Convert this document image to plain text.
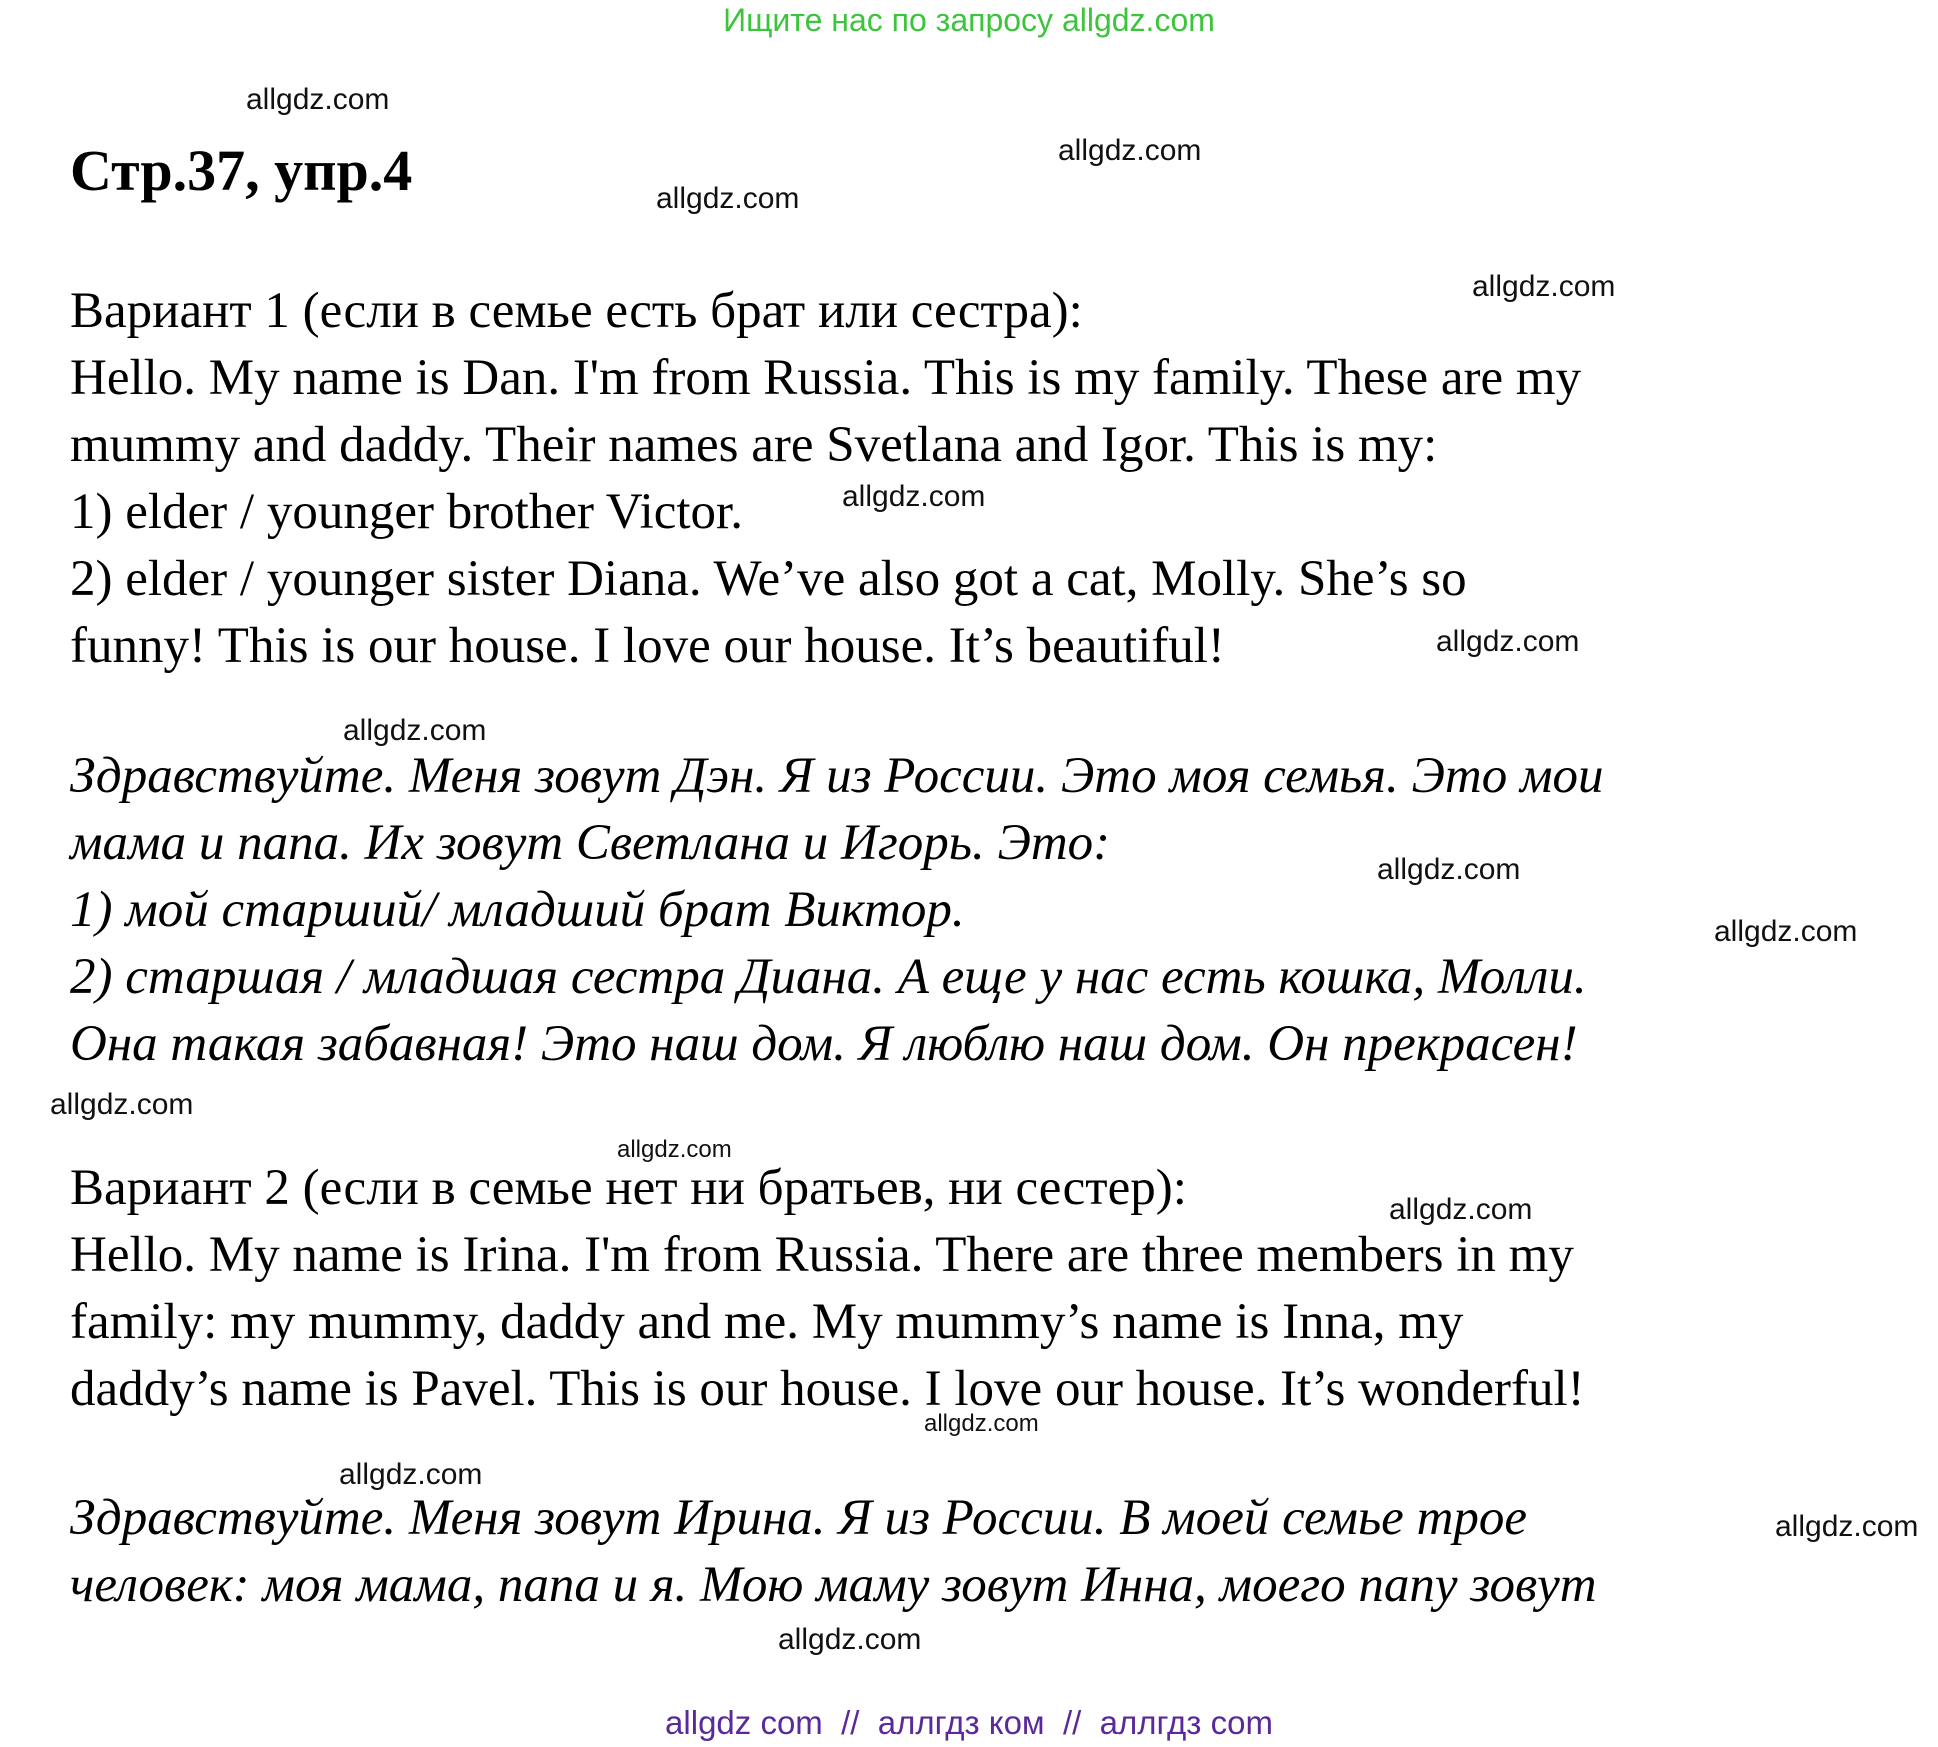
Ищите нас по запросу allgdz.com
Стр.37, упр.4
Вариант 1 (если в семье есть брат или сестра):
Hello. My name is Dan. I'm from Russia. This is my family. These are my
mummy and daddy. Their names are Svetlana and Igor. This is my:
1) elder / younger brother Victor.
2) elder / younger sister Diana. We’ve also got a cat, Molly. She’s so
funny! This is our house. I love our house. It’s beautiful!
Здравствуйте. Меня зовут Дэн. Я из России. Это моя семья. Это мои
мама и папа. Их зовут Светлана и Игорь. Это:
1) мой старший/ младший брат Виктор.
2) старшая / младшая сестра Диана. А еще у нас есть кошка, Молли.
Она такая забавная! Это наш дом. Я люблю наш дом. Он прекрасен!
Вариант 2 (если в семье нет ни братьев, ни сестер):
Hello. My name is Irina. I'm from Russia. There are three members in my
family: my mummy, daddy and me. My mummy’s name is Inna, my
daddy’s name is Pavel. This is our house. I love our house. It’s wonderful!
Здравствуйте. Меня зовут Ирина. Я из России. В моей семье трое
человек: моя мама, папа и я. Мою маму зовут Инна, моего папу зовут
allgdz.com
allgdz.com
allgdz.com
allgdz.com
allgdz.com
allgdz.com
allgdz.com
allgdz.com
allgdz.com
allgdz.com
allgdz.com
allgdz.com
allgdz.com
allgdz.com
allgdz.com
allgdz.com
allgdz com  //  аллгдз ком  //  аллгдз com
